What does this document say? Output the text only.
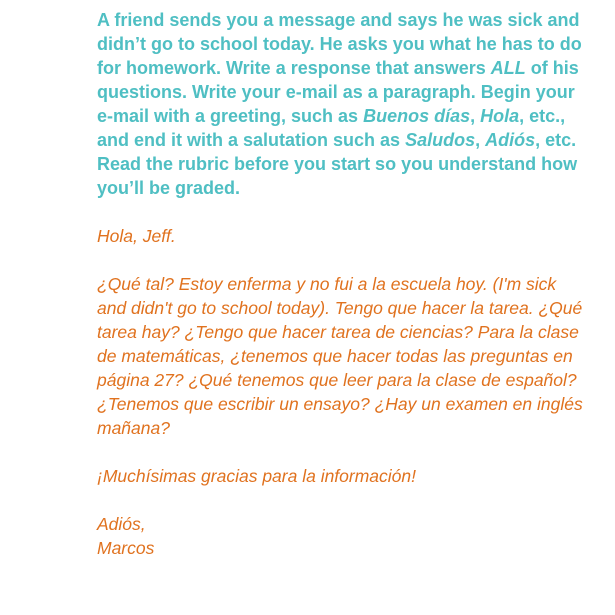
A friend sends you a message and says he was sick and didn’t go to school today. He asks you what he has to do for homework. Write a response that answers ALL of his questions. Write your e-mail as a paragraph. Begin your e-mail with a greeting, such as Buenos días, Hola, etc., and end it with a salutation such as Saludos, Adiós, etc. Read the rubric before you start so you understand how you’ll be graded.

Hola, Jeff.

¿Qué tal? Estoy enferma y no fui a la escuela hoy. (I'm sick and didn't go to school today). Tengo que hacer la tarea. ¿Qué tarea hay? ¿Tengo que hacer tarea de ciencias? Para la clase de matemáticas, ¿tenemos que hacer todas las preguntas en página 27? ¿Qué tenemos que leer para la clase de español? ¿Tenemos que escribir un ensayo? ¿Hay un examen en inglés mañana?

¡Muchísimas gracias para la información!

Adiós,
Marcos
